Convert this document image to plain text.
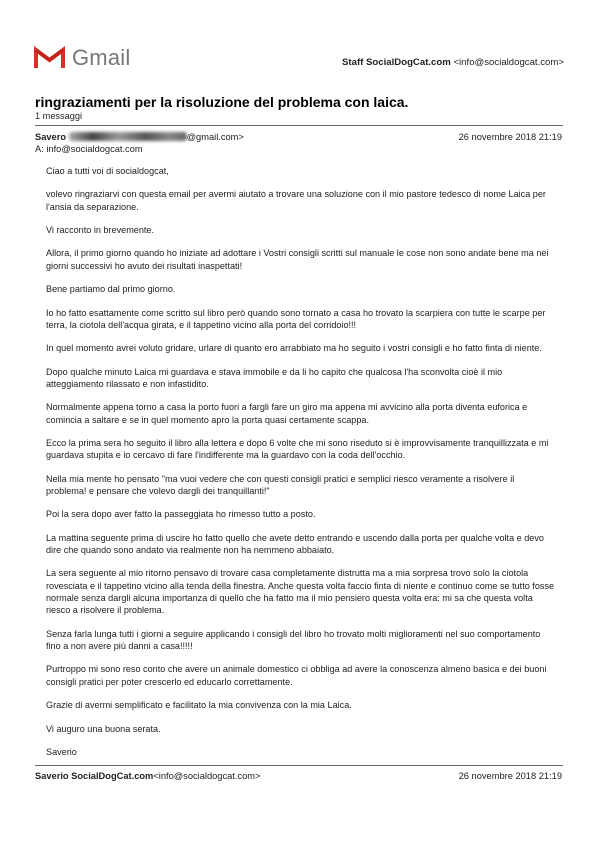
Gmail	Staff SocialDogCat.com <info@socialdogcat.com>
ringraziamenti per la risoluzione del problema con laica.
1 messaggi
Savero	@gmail.com>	26 novembre 2018 21:19
A: info@socialdogcat.com

Ciao a tutti voi di socialdogcat,

volevo ringraziarvi con questa email per avermi aiutato a trovare una soluzione con il mio pastore tedesco di nome Laica per l'ansia da separazione.

Vi racconto in brevemente.

Allora, il primo giorno quando ho iniziate ad adottare i Vostri consigli scritti sul manuale le cose non sono andate bene ma nei giorni successivi ho avuto dei risultati inaspettati!

Bene partiamo dal primo giorno.

Io ho fatto esattamente come scritto sul libro però quando sono tornato a casa ho trovato la scarpiera con tutte le scarpe per terra, la ciotola dell'acqua girata, e il tappetino vicino alla porta del corridoio!!!

In quel momento avrei voluto gridare, urlare di quanto ero arrabbiato ma ho seguito i vostri consigli e ho fatto finta di niente.

Dopo qualche minuto Laica mi guardava e stava immobile e da li ho capito che qualcosa l'ha sconvolta cioè il mio atteggiamento rilassato e non infastidito.

Normalmente appena torno a casa la porto fuori a fargli fare un giro ma appena mi avvicino alla porta diventa euforica e comincia a saltare e se in quel momento apro la porta quasi certamente scappa.

Ecco la prima sera ho seguito il libro alla lettera e dopo 6 volte che mi sono riseduto si è improvvisamente tranquillizzata e mi guardava stupita e io cercavo di fare l'indifferente ma la guardavo con la coda dell'occhio.

Nella mia mente ho pensato "ma vuoi vedere che con questi consigli pratici e semplici riesco veramente a risolvere il problema! e pensare che volevo dargli dei tranquillanti!"

Poi la sera dopo aver fatto la passeggiata ho rimesso tutto a posto.

La mattina seguente prima di uscire ho fatto quello che avete detto entrando e uscendo dalla porta per qualche volta e devo dire che quando sono andato via realmente non ha nemmeno abbaiato.

La sera seguente al mio ritorno pensavo di trovare casa completamente distrutta ma a mia sorpresa trovo solo la ciotola rovesciata e il tappetino vicino alla tenda della finestra. Anche questa volta faccio finta di niente e continuo come se tutto fosse normale senza dargli alcuna importanza di quello che ha fatto ma il mio pensiero questa volta era: mi sa che questa volta riesco a risolvere il problema.

Senza farla lunga tutti i giorni a seguire applicando i consigli del libro ho trovato molti miglioramenti nel suo comportamento fino a non avere più danni a casa!!!!!

Purtroppo mi sono reso conto che avere un animale domestico ci obbliga ad avere la conoscenza almeno basica e dei buoni consigli pratici per poter crescerlo ed educarlo correttamente.

Grazie di avermi semplificato e facilitato la mia convivenza con la mia Laica.

Vi auguro una buona serata.

Saverio

Saverio SocialDogCat.com<info@socialdogcat.com>	26 novembre 2018 21:19
